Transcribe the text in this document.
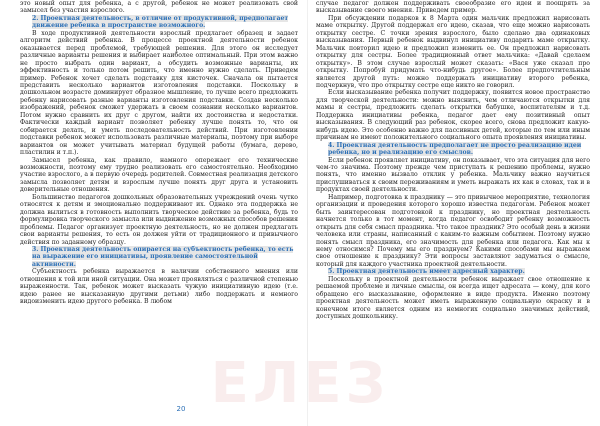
это новый опыт для ребенка, а с другой, ребенок не может реализовать свой замысел без участия взрослого.

2. Проектная деятельность, в отличие от продуктивной, предполагает движение ребенка в пространстве возможного.

В ходе продуктивной деятельности взрослый предлагает образец и задает алгоритм действий ребенка. В процессе проектной деятельности ребенок оказывается перед проблемой, требующей решения. Для этого он исследует различные варианты решения и выбирает наиболее оптимальный. При этом важно не просто выбрать один вариант, а обсудить возможные варианты, их эффективность и только потом решить, что именно нужно сделать. Приведем пример. Ребенок хочет сделать подставку для кисточек. Сначала он пытается представить несколько вариантов изготовления подставки. Поскольку в дошкольном возрасте доминирует образное мышление, то лучше всего предложить ребенку нарисовать разные варианты изготовления подставки. Создав несколько изображений, ребенок сможет удержать в своем сознании несколько вариантов. Потом нужно сравнить их друг с другом, найти их достоинства и недостатки. Фактически каждый вариант позволяет ребенку лучше понять то, что он собирается делать, и уметь последовательность действий. При изготовлении подставки ребенок может использовать различные материалы, поэтому при выборе вариантов он может учитывать материал будущей работы (бумага, дерево, пластилин и т.п.).

Замысел ребенка, как правило, намного опережает его технические возможности, поэтому ему трудно реализовать его самостоятельно. Необходимо участие взрослого, а в первую очередь родителей. Совместная реализация детского замысла позволяет детям и взрослым лучше понять друг друга и установить доверительные отношения.

Большинство педагогов дошкольных образовательных учреждений очень чутко относятся к детям и эмоционально поддерживают их. Однако эта поддержка не должна вылиться в готовность выполнить творческое действие за ребенка, будь то формулировка творческого замысла или выдвижение возможных способов решения проблемы. Педагог организует проектную деятельность, но не должен предлагать свои варианты решения, то есть он должен уйти от традиционного и привычного действия по заданному образцу.

3. Проектная деятельность опирается на субъектность ребенка, то есть на выражение его инициативы, проявление самостоятельной активности.

Субъектность ребенка выражается в наличии собственного мнения или отношения к той или иной ситуации. Она может проявляться с различной степенью выраженности. Так, ребенок может высказать чужую инициативную идею (т.е. идею ранее не высказанную другими детьми) либо поддержать и немного видоизменить идею другого ребенка. В любом

20

случае педагог должен поддерживать своеобразие его идеи и поощрять за высказывание своего мнения. Приведем пример.

При обсуждении подарков к 8 Марта один мальчик предложил нарисовать маме открытку. Другой поддержал его идею, сказав, что еще можно нарисовать открытку сестре. С точки зрения взрослого, было сделано два одинаковых высказывания. Первый ребенок выдвинул инициативу подарить маме открытку. Мальчик повторил идею и предложил изменить ее. Он предложил нарисовать открытку для сестры. Более традиционный ответ мальчика: «Давай сделаем открытку». В этом случае взрослый может сказать: «Вася уже сказал про открытку. Попробуй придумать что-нибудь другое». Более предпочтительным является другой путь: можно поддержать инициативу второго ребенка, подчеркнув, что про открытку сестре еще никто не говорил.

Если высказывание ребенка получит поддержку, появится новое пространство для творческой деятельности: можно выяснить, чем отличаются открытки для мамы и сестры, предложить сделать открытки бабушке, воспитателям и т.д. Поддержка инициативы ребенка, педагог дает ему позитивный опыт высказывания. В следующий раз ребенок, скорее всего, снова предложит какую-нибудь идею. Это особенно важно для пассивных детей, которые по тем или иным причинам не имеют положительного социального опыта проявления инициативы.

4. Проектная деятельность предполагает не просто реализацию идеи ребенка, но и реализацию его смыслов.

Если ребенок проявляет инициативу, он показывает, что эта ситуация для него чем-то значима. Поэтому прежде чем приступать к решению проблемы, нужно понять, что именно вызвало отклик у ребенка. Мальчику важно научиться прислушиваться к своим переживаниям и уметь выражать их как в словах, так и в продуктах своей деятельности.

Например, подготовка к празднику — это привычное мероприятие, технология организации и проведения которого хорошо известна педагогам. Ребенок может быть заинтересован подготовкой к празднику, но проектная деятельность начнется только в тот момент, когда педагог освободит ребенку возможность открыть для себя смысл праздника. Что такое праздник? Это особый день в жизни человека или страны, написанный с каким-то важным событием. Поэтому нужно понять смысл праздника, его значимость для ребенка или педагога. Как мы к нему относимся? Почему мы его празднуем? Какими способами мы выражаем свое отношение к празднику? Эти вопросы заставляют задуматься о смысле, который для каждого участника проектной деятельности.

5. Проектная деятельность имеет адресный характер.

Поскольку в проектной деятельности ребенок выражает свое отношение к решаемой проблеме и личные смыслы, он всегда ищет адресата — кому, для кого обращено его высказывание, оформление в виде продукта. Именно поэтому проектная деятельность может иметь выраженную социальную окраску и в конечном итоге является одним из немногих социально значимых действий, доступных дошкольнику.

ЕЛЕЗ
